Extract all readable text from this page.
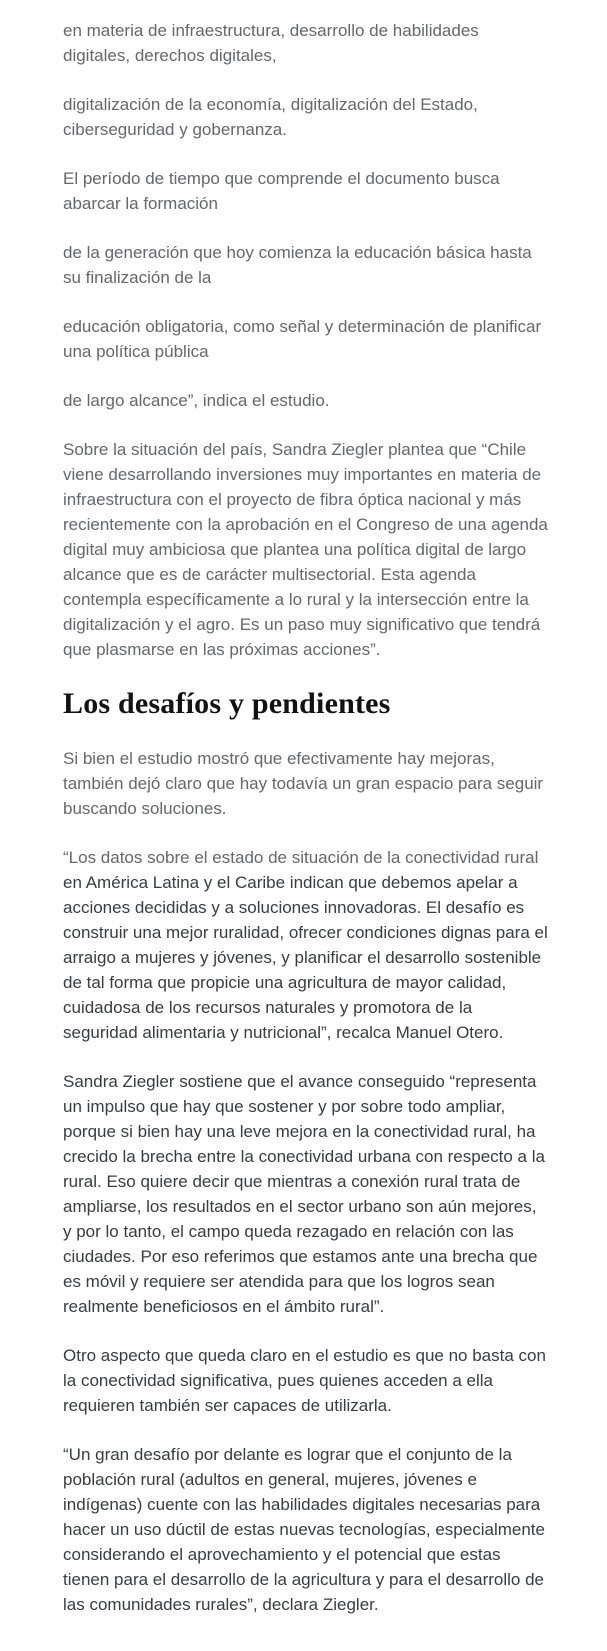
en materia de infraestructura, desarrollo de habilidades digitales, derechos digitales,

digitalización de la economía, digitalización del Estado, ciberseguridad y gobernanza.

El período de tiempo que comprende el documento busca abarcar la formación

de la generación que hoy comienza la educación básica hasta su finalización de la

educación obligatoria, como señal y determinación de planificar una política pública

de largo alcance”, indica el estudio.

Sobre la situación del país, Sandra Ziegler plantea que “Chile viene desarrollando inversiones muy importantes en materia de infraestructura con el proyecto de fibra óptica nacional y más recientemente con la aprobación en el Congreso de una agenda digital muy ambiciosa que plantea una política digital de largo alcance que es de carácter multisectorial. Esta agenda contempla específicamente a lo rural y la intersección entre la digitalización y el agro. Es un paso muy significativo que tendrá que plasmarse en las próximas acciones”.

Los desafíos y pendientes

Si bien el estudio mostró que efectivamente hay mejoras, también dejó claro que hay todavía un gran espacio para seguir buscando soluciones.

“Los datos sobre el estado de situación de la conectividad rural
en América Latina y el Caribe indican que debemos apelar a acciones decididas y a soluciones innovadoras. El desafío es construir una mejor ruralidad, ofrecer condiciones dignas para el arraigo a mujeres y jóvenes, y planificar el desarrollo sostenible de tal forma que propicie una agricultura de mayor calidad, cuidadosa de los recursos naturales y promotora de la seguridad alimentaria y nutricional”, recalca Manuel Otero.

Sandra Ziegler sostiene que el avance conseguido “representa un impulso que hay que sostener y por sobre todo ampliar, porque si bien hay una leve mejora en la conectividad rural, ha crecido la brecha entre la conectividad urbana con respecto a la rural. Eso quiere decir que mientras a conexión rural trata de ampliarse, los resultados en el sector urbano son aún mejores, y por lo tanto, el campo queda rezagado en relación con las ciudades. Por eso referimos que estamos ante una brecha que es móvil y requiere ser atendida para que los logros sean realmente beneficiosos en el ámbito rural”.

Otro aspecto que queda claro en el estudio es que no basta con la conectividad significativa, pues quienes acceden a ella requieren también ser capaces de utilizarla.

“Un gran desafío por delante es lograr que el conjunto de la población rural (adultos en general, mujeres, jóvenes e indígenas) cuente con las habilidades digitales necesarias para hacer un uso dúctil de estas nuevas tecnologías, especialmente considerando el aprovechamiento y el potencial que estas tienen para el desarrollo de la agricultura y para el desarrollo de las comunidades rurales”, declara Ziegler.
